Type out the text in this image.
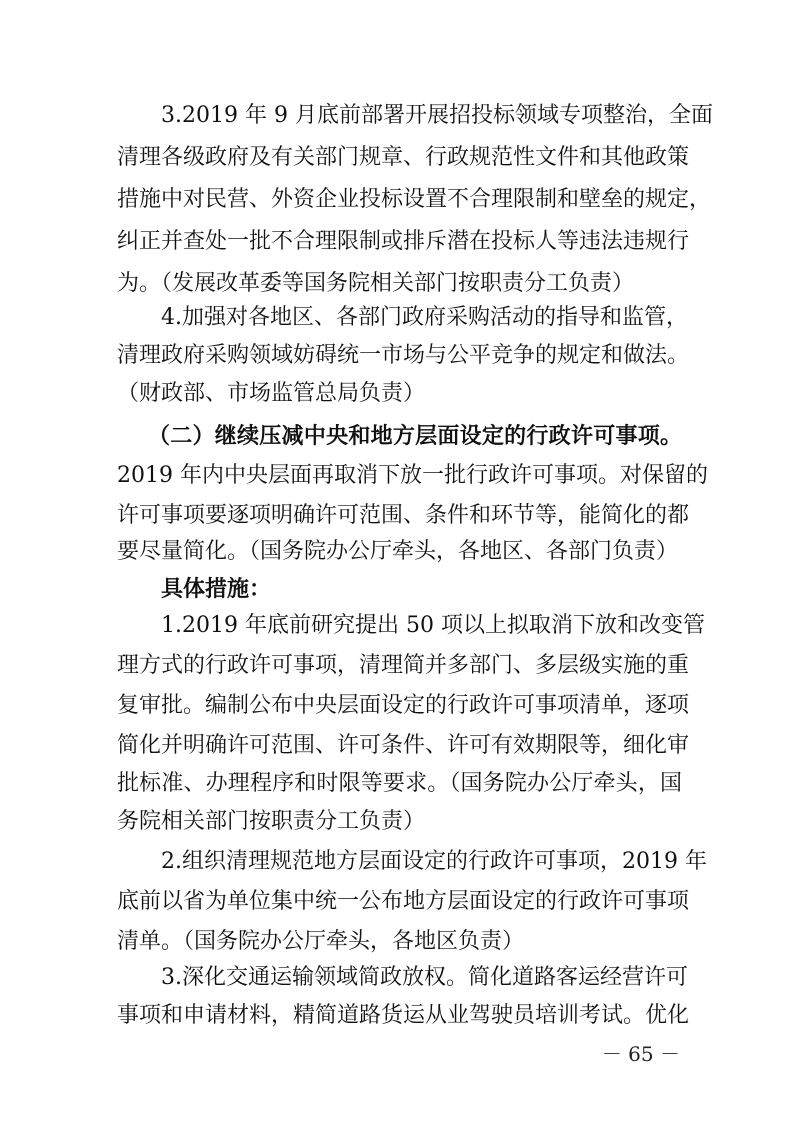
3.2019 年 9 月底前部署开展招投标领域专项整治，全面
清理各级政府及有关部门规章、行政规范性文件和其他政策
措施中对民营、外资企业投标设置不合理限制和壁垒的规定，
纠正并查处一批不合理限制或排斥潜在投标人等违法违规行
为。（发展改革委等国务院相关部门按职责分工负责）
4.加强对各地区、各部门政府采购活动的指导和监管，
清理政府采购领域妨碍统一市场与公平竞争的规定和做法。
（财政部、市场监管总局负责）
（二）继续压减中央和地方层面设定的行政许可事项。
2019 年内中央层面再取消下放一批行政许可事项。对保留的
许可事项要逐项明确许可范围、条件和环节等，能简化的都
要尽量简化。（国务院办公厅牵头，各地区、各部门负责）
具体措施：
1.2019 年底前研究提出 50 项以上拟取消下放和改变管
理方式的行政许可事项，清理简并多部门、多层级实施的重
复审批。编制公布中央层面设定的行政许可事项清单，逐项
简化并明确许可范围、许可条件、许可有效期限等，细化审
批标准、办理程序和时限等要求。（国务院办公厅牵头，国
务院相关部门按职责分工负责）
2.组织清理规范地方层面设定的行政许可事项，2019 年
底前以省为单位集中统一公布地方层面设定的行政许可事项
清单。（国务院办公厅牵头，各地区负责）
3.深化交通运输领域简政放权。简化道路客运经营许可
事项和申请材料，精简道路货运从业驾驶员培训考试。优化
－ 65 －
